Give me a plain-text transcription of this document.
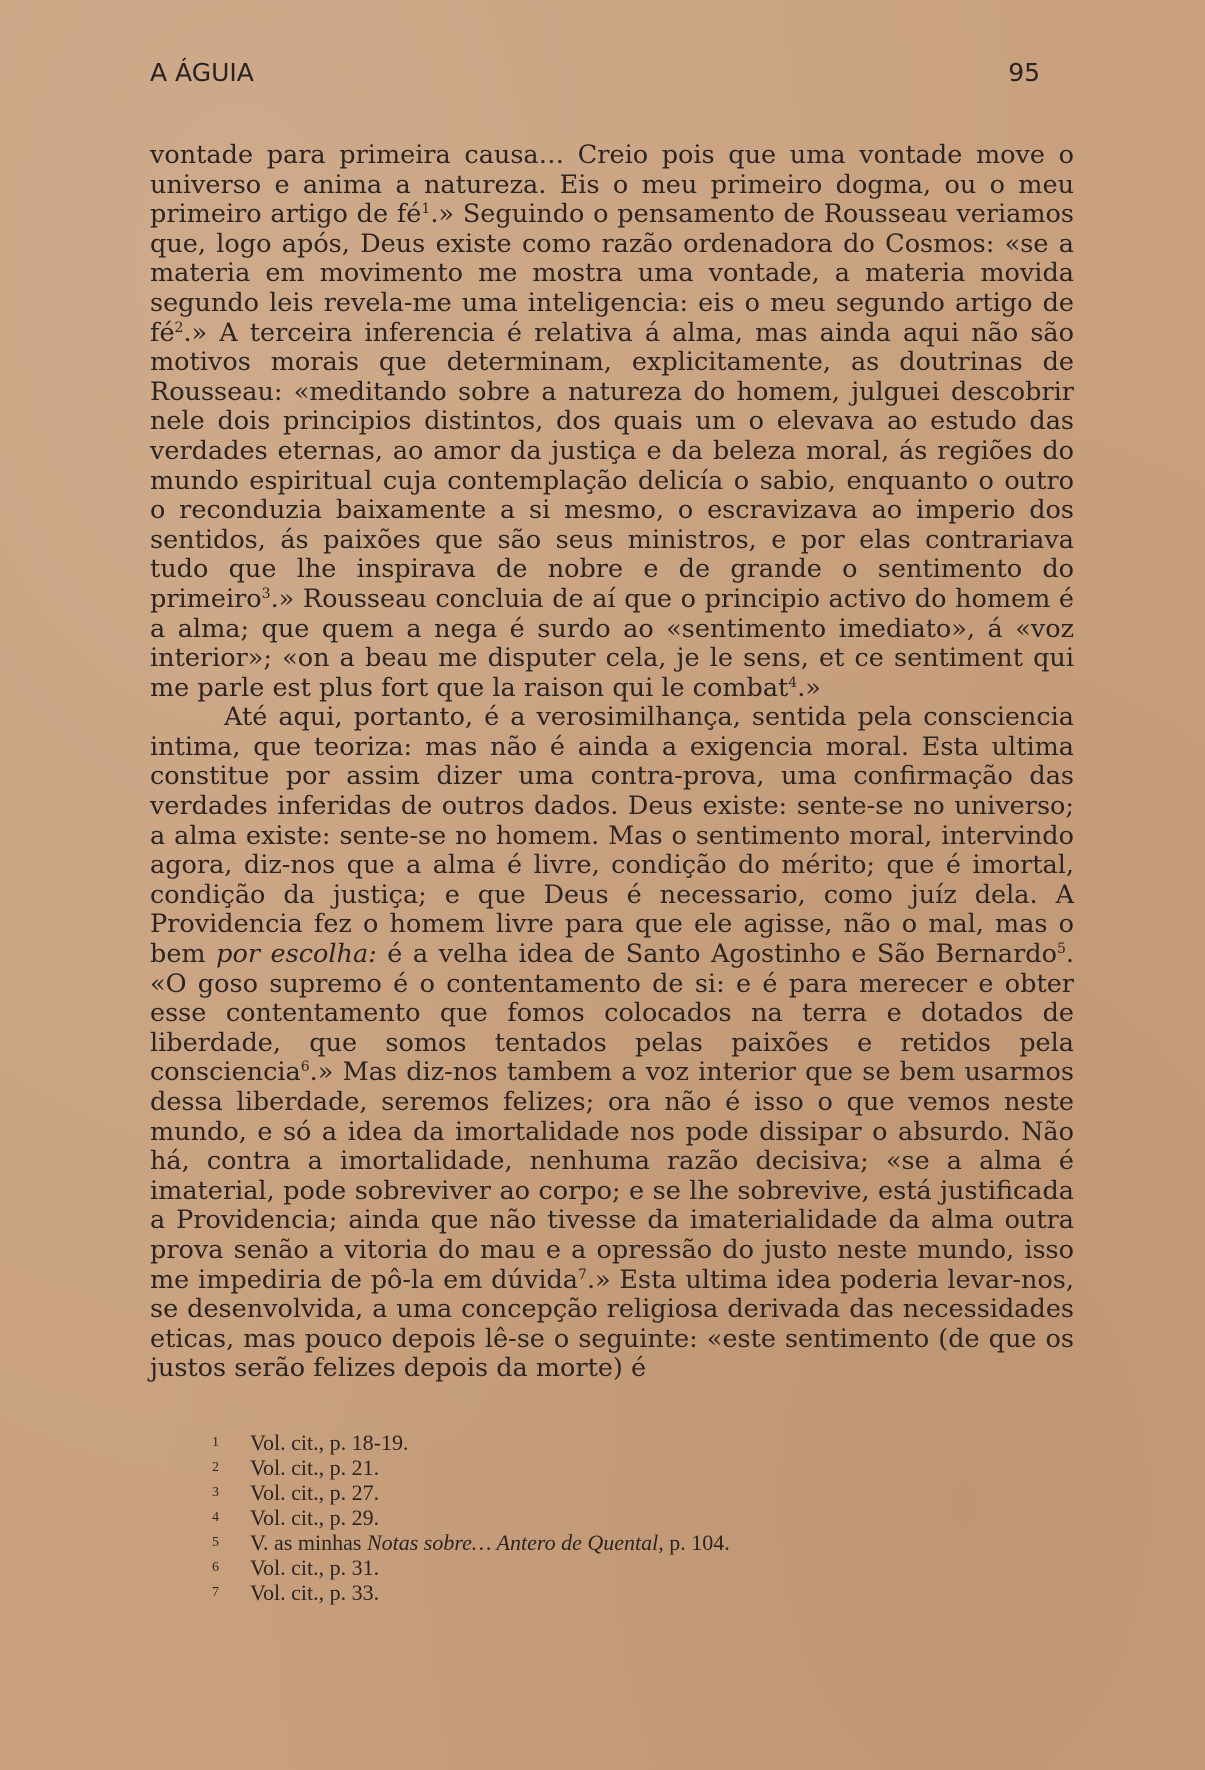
A ÁGUIA	95

vontade para primeira causa… Creio pois que uma vontade move o universo e anima a natureza. Eis o meu primeiro dogma, ou o meu primeiro artigo de $fé^1$.» Seguindo o pensamento de Rousseau veriamos que, logo após, Deus existe como razão ordenadora do Cosmos: «se a materia em movimento me mostra uma vontade, a materia movida segundo leis revela-me uma inteligencia: eis o meu segundo artigo de $fé^2$.» A terceira inferencia é relativa á alma, mas ainda aqui não são motivos morais que determinam, explicitamente, as doutrinas de Rousseau: «meditando sobre a natureza do homem, julguei descobrir nele dois principios distintos, dos quais um o elevava ao estudo das verdades eternas, ao amor da justiça e da beleza moral, ás regiões do mundo espiritual cuja contemplação delicía o sabio, enquanto o outro o reconduzia baixamente a si mesmo, o escravizava ao imperio dos sentidos, ás paixões que são seus ministros, e por elas contrariava tudo que lhe inspirava de nobre e de grande o sentimento do primeiro$^3$.» Rousseau concluia de aí que o principio activo do homem é a alma; que quem a nega é surdo ao «sentimento imediato», á «voz interior»; «on a beau me disputer cela, je le sens, et ce sentiment qui me parle est plus fort que la raison qui le combat$^4$.»

Até aqui, portanto, é a verosimilhança, sentida pela consciencia intima, que teoriza: mas não é ainda a exigencia moral. Esta ultima constitue por assim dizer uma contra-prova, uma confirmação das verdades inferidas de outros dados. Deus existe: sente-se no universo; a alma existe: sente-se no homem. Mas o sentimento moral, intervindo agora, diz-nos que a alma é livre, condição do mérito; que é imortal, condição da justiça; e que Deus é necessario, como juíz dela. A Providencia fez o homem livre para que ele agisse, não o mal, mas o bem por escolha: é a velha idea de Santo Agostinho e São Bernardo$^5$. «O goso supremo é o contentamento de si: e é para merecer e obter esse contentamento que fomos colocados na terra e dotados de liberdade, que somos tentados pelas paixões e retidos pela consciencia$^6$.» Mas diz-nos tambem a voz interior que se bem usarmos dessa liberdade, seremos felizes; ora não é isso o que vemos neste mundo, e só a idea da imortalidade nos pode dissipar o absurdo. Não há, contra a imortalidade, nenhuma razão decisiva; «se a alma é imaterial, pode sobreviver ao corpo; e se lhe sobrevive, está justificada a Providencia; ainda que não tivesse da imaterialidade da alma outra prova senão a vitoria do mau e a opressão do justo neste mundo, isso me impediria de pô-la em dúvida$^7$.» Esta ultima idea poderia levar-nos, se desenvolvida, a uma concepção religiosa derivada das necessidades eticas, mas pouco depois lê-se o seguinte: «este sentimento (de que os justos serão felizes depois da morte) é

1	Vol. cit., p. 18-19.
2	Vol. cit., p. 21.
3	Vol. cit., p. 27.
4	Vol. cit., p. 29.
5	V. as minhas Notas sobre… Antero de Quental, p. 104.
6	Vol. cit., p. 31.
7	Vol. cit., p. 33.
